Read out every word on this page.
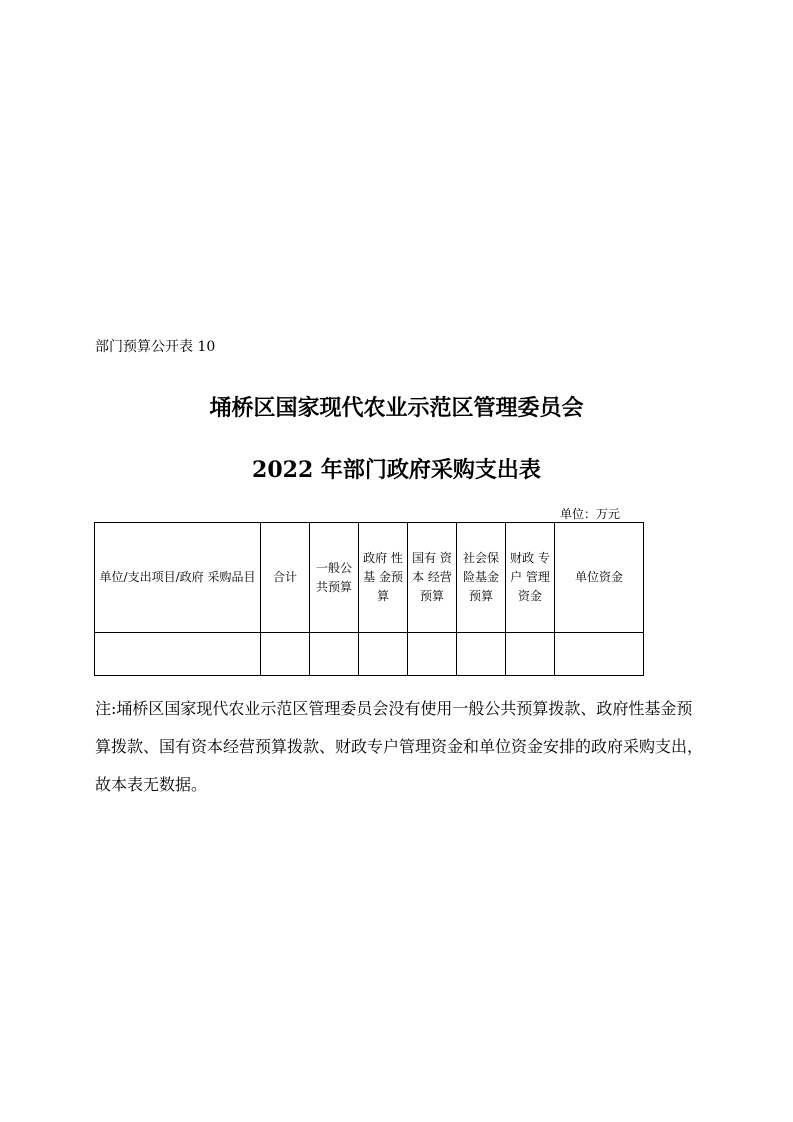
部门预算公开表 10
埇桥区国家现代农业示范区管理委员会
2022 年部门政府采购支出表
单位：万元
单位/支出项目/政府 采购品目	合计	一般公共预算	政府 性基 金预算	国有 资本 经营预算	社会保险基金预算	财政 专户 管理资金	单位资金

注:埇桥区国家现代农业示范区管理委员会没有使用一般公共预算拨款、政府性基金预算拨款、国有资本经营预算拨款、财政专户管理资金和单位资金安排的政府采购支出，故本表无数据。
